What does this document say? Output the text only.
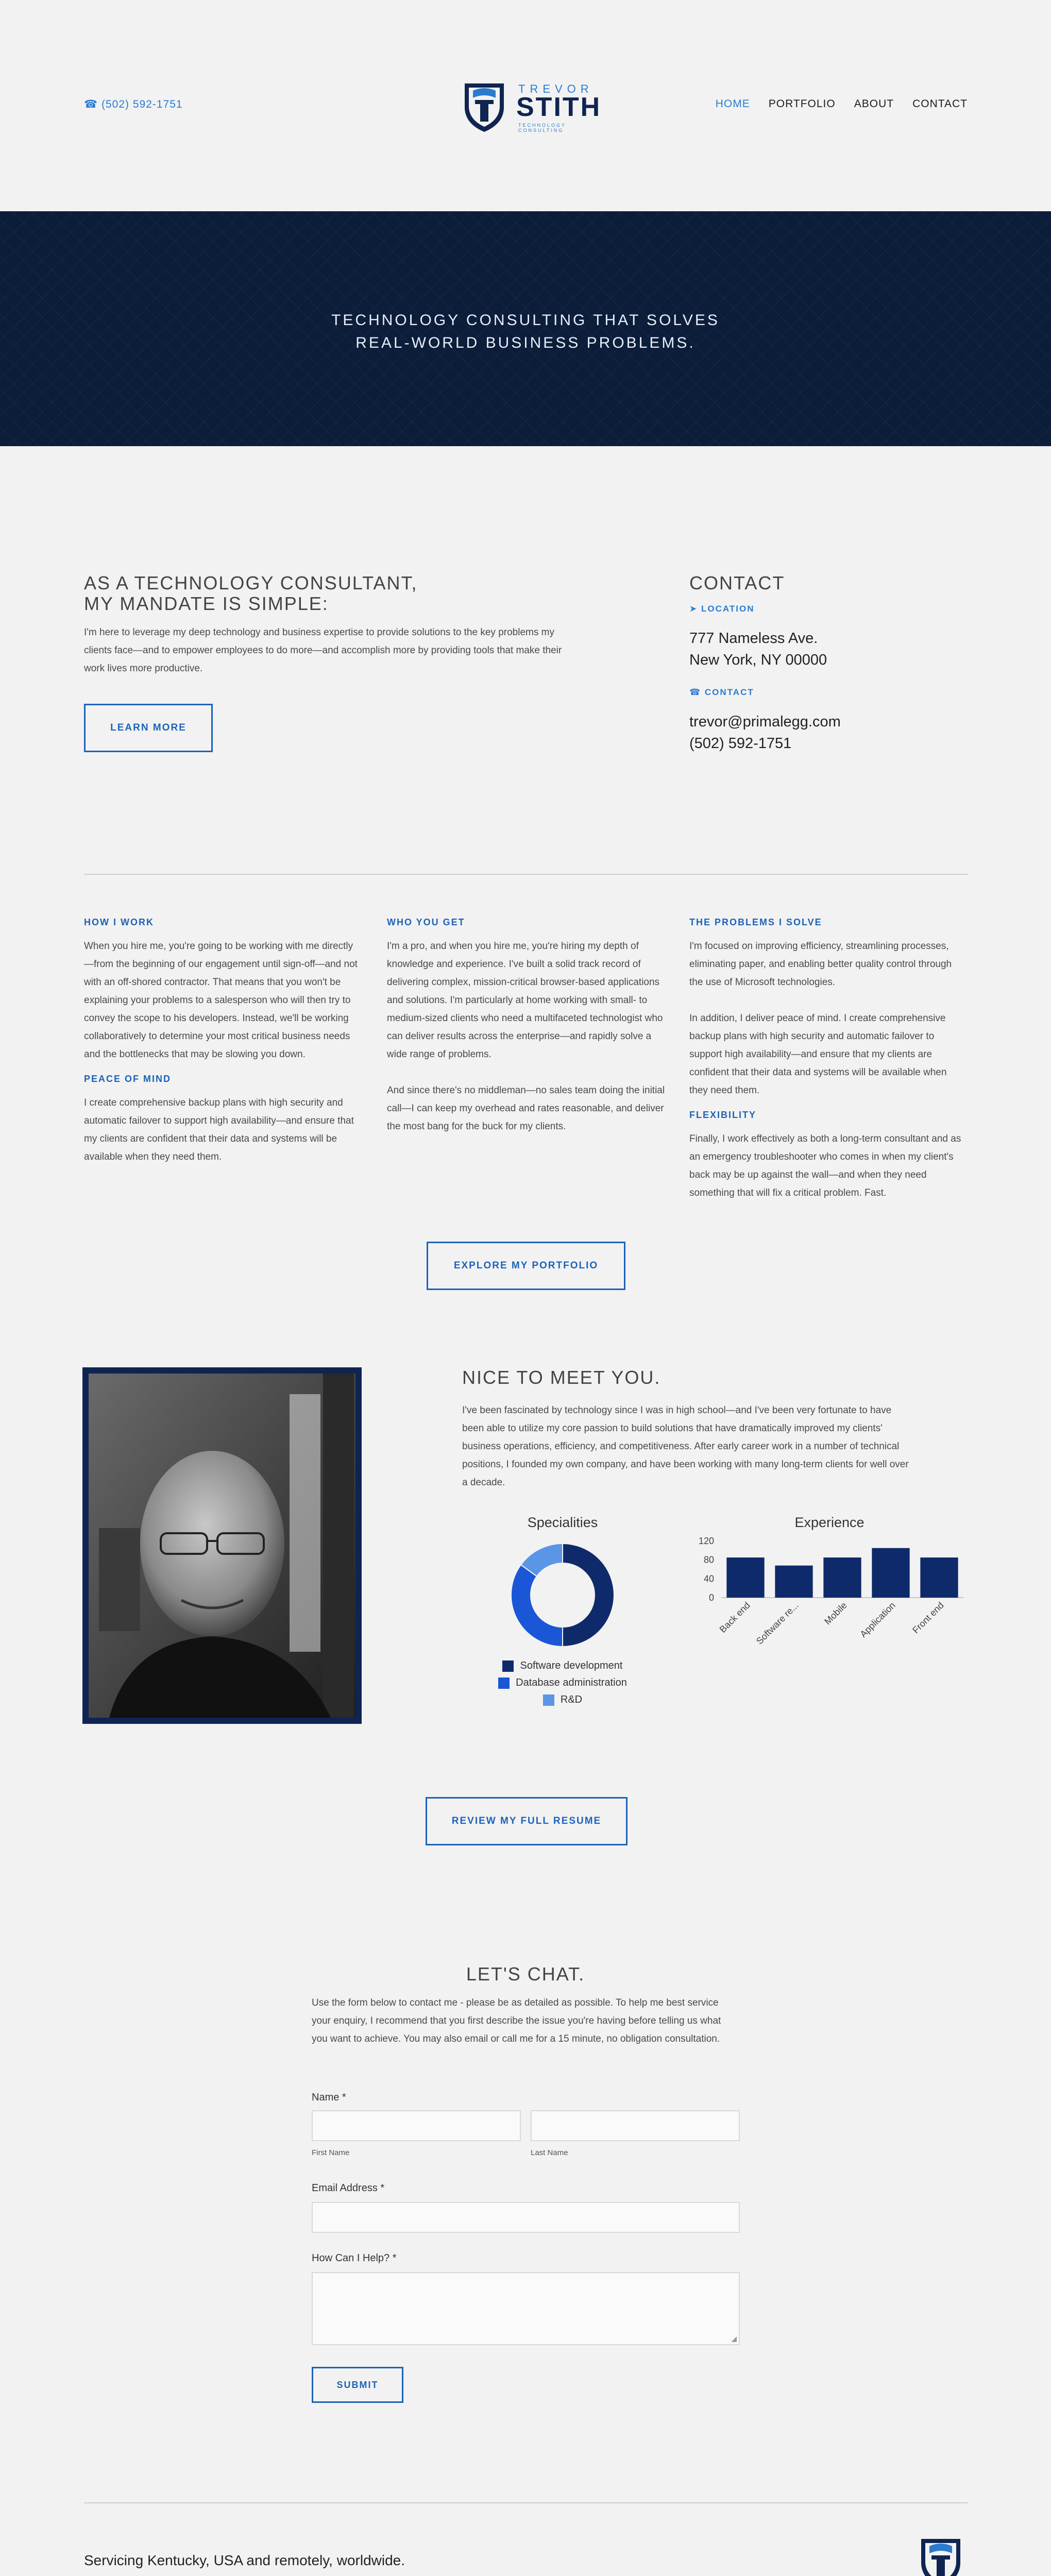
☎ (502) 592-1751
TREVOR
STITH
TECHNOLOGY CONSULTING
HOME PORTFOLIO ABOUT CONTACT
TECHNOLOGY CONSULTING THAT SOLVES
REAL-WORLD BUSINESS PROBLEMS.
AS A TECHNOLOGY CONSULTANT,
MY MANDATE IS SIMPLE:
I'm here to leverage my deep technology and business expertise to provide solutions to the key problems my clients face—and to empower employees to do more—and accomplish more by providing tools that make their work lives more productive.
LEARN MORE
CONTACT
➤ LOCATION
777 Nameless Ave.
New York, NY 00000
☎ CONTACT
trevor@primalegg.com
(502) 592-1751
HOW I WORK
When you hire me, you're going to be working with me directly—from the beginning of our engagement until sign-off—and not with an off-shored contractor. That means that you won't be explaining your problems to a salesperson who will then try to convey the scope to his developers. Instead, we'll be working collaboratively to determine your most critical business needs and the bottlenecks that may be slowing you down.
PEACE OF MIND
I create comprehensive backup plans with high security and automatic failover to support high availability—and ensure that my clients are confident that their data and systems will be available when they need them.
WHO YOU GET
I'm a pro, and when you hire me, you're hiring my depth of knowledge and experience. I've built a solid track record of delivering complex, mission-critical browser-based applications and solutions. I'm particularly at home working with small- to medium-sized clients who need a multifaceted technologist who can deliver results across the enterprise—and rapidly solve a wide range of problems.
And since there's no middleman—no sales team doing the initial call—I can keep my overhead and rates reasonable, and deliver the most bang for the buck for my clients.
THE PROBLEMS I SOLVE
I'm focused on improving efficiency, streamlining processes, eliminating paper, and enabling better quality control through the use of Microsoft technologies.
In addition, I deliver peace of mind. I create comprehensive backup plans with high security and automatic failover to support high availability—and ensure that my clients are confident that their data and systems will be available when they need them.
FLEXIBILITY
Finally, I work effectively as both a long-term consultant and as an emergency troubleshooter who comes in when my client's back may be up against the wall—and when they need something that will fix a critical problem. Fast.
EXPLORE MY PORTFOLIO
NICE TO MEET YOU.
I've been fascinated by technology since I was in high school—and I've been very fortunate to have been able to utilize my core passion to build solutions that have dramatically improved my clients' business operations, efficiency, and competitiveness. After early career work in a number of technical positions, I founded my own company, and have been working with many long-term clients for well over a decade.
Specialities
Software development
Database administration
R&D
Experience
0
40
80
120
Back end Software re... Mobile Application Front end
REVIEW MY FULL RESUME
LET'S CHAT.
Use the form below to contact me - please be as detailed as possible. To help me best service your enquiry, I recommend that you first describe the issue you're having before telling us what you want to achieve. You may also email or call me for a 15 minute, no obligation consultation.
Name *
First Name	Last Name
Email Address *
How Can I Help? *
◢
SUBMIT
Servicing Kentucky, USA and remotely, worldwide.
